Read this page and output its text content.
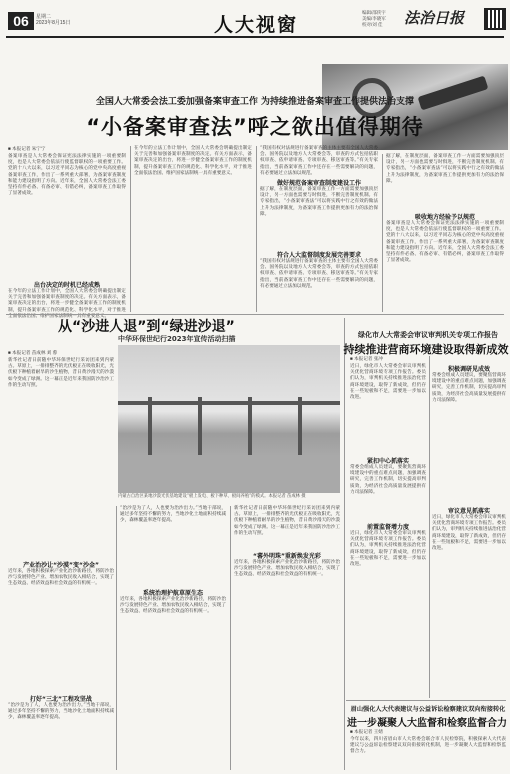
06	星期二
2023年8月15日	人大视窗
编辑/邵侠宇
美编/李晓军
校对/刘 佳 法治日报
全国人大常委会法工委加强备案审查工作 为持续推进备案审查工作提供法治支撑
“小备案审查法”呼之欲出值得期待
■ 本报记者 朱宁宁
备案审查是人大常委会保证宪法法律实施的一项重要制度，也是人大常委会依法行使监督职权的一项重要工作。党的十八大以来，以习近平同志为核心的党中央高度重视备案审查工作，作出了一系列重大部署，为备案审查制度和能力建设指明了方向。近年来，全国人大常委会法工委坚持有件必备、有备必审、有错必纠，备案审查工作取得了显著成效。
出台决定的时机已经成熟
在今年的立法工作计划中，全国人大常委会明确提出制定关于完善和加强备案审查制度的决定。有关方面表示，备案审查决定的出台，将进一步健全备案审查工作的制度机制，提升备案审查工作的规范化、科学化水平，对于推进全面依法治国、维护国家法制统一具有重要意义。
在今年的立法工作计划中，全国人大常委会明确提出制定关于完善和加强备案审查制度的决定。有关方面表示，备案审查决定的出台，将进一步健全备案审查工作的制度机制，提升备案审查工作的规范化、科学化水平，对于推进全面依法治国、维护国家法制统一具有重要意义。
“我国有权对法规进行备案审查的主体主要有全国人大常委会、国务院以及地方人大常委会等，审查的方式包括依职权审查、依申请审查、专项审查、移送审查等。”有关专家指出，当前备案审查工作中还存在一些需要解决的问题，有必要通过立法加以规范。
做好规范备案审查制度建设工作
据了解，在制度层面，备案审查工作一方面需要加强顶层设计，另一方面也需要与时俱进，不断完善制度机制。有专家指出，“小备案审查法”可以将实践中行之有效的做法上升为法律制度，为备案审查工作提供更加有力的法治保障。
符合人大监督制度发展完善要求
“我国有权对法规进行备案审查的主体主要有全国人大常委会、国务院以及地方人大常委会等，审查的方式包括依职权审查、依申请审查、专项审查、移送审查等。”有关专家指出，当前备案审查工作中还存在一些需要解决的问题，有必要通过立法加以规范。
据了解，在制度层面，备案审查工作一方面需要加强顶层设计，另一方面也需要与时俱进，不断完善制度机制。有专家指出，“小备案审查法”可以将实践中行之有效的做法上升为法律制度，为备案审查工作提供更加有力的法治保障。
吸收地方经验予以规范
备案审查是人大常委会保证宪法法律实施的一项重要制度，也是人大常委会依法行使监督职权的一项重要工作。党的十八大以来，以习近平同志为核心的党中央高度重视备案审查工作，作出了一系列重大部署，为备案审查制度和能力建设指明了方向。近年来，全国人大常委会法工委坚持有件必备、有备必审、有错必纠，备案审查工作取得了显著成效。
从“沙进人退”到“绿进沙退”
中华环保世纪行2023年宣传活动扫描
■ 本报记者 苗成林 刘 蓉
新华社记者日前随中华环保世纪行采访团来到内蒙古。草原上，一排排整齐的光伏板正在吸收阳光，光伏板下种植着耐旱的沙生植物，昔日黄沙漫天的沙漠如今变成了绿洲。这一幕正是近年来我国防沙治沙工作的生动写照。
产业治沙让“沙漠”变“沙金”
近年来，各地积极探索产业化治沙新路径，将防沙治沙与发展特色产业、增加农牧民收入相结合，实现了生态效益、经济效益和社会效益的有机统一。
打好“三北”工程攻坚战
“治沙是为了人，人也要为治沙出力。”当地干部说，通过多年坚持不懈的努力，当地沙化土地面积持续减少，森林覆盖率逐年提高。
内蒙古自治区某地沙漠光伏基地建设“板上发电、板下种草、板间养殖”的模式。本报记者 苗成林 摄
“治沙是为了人，人也要为治沙出力。”当地干部说，通过多年坚持不懈的努力，当地沙化土地面积持续减少，森林覆盖率逐年提高。
系统治理护航草原生态
近年来，各地积极探索产业化治沙新路径，将防沙治沙与发展特色产业、增加农牧民收入相结合，实现了生态效益、经济效益和社会效益的有机统一。
新华社记者日前随中华环保世纪行采访团来到内蒙古。草原上，一排排整齐的光伏板正在吸收阳光，光伏板下种植着耐旱的沙生植物，昔日黄沙漫天的沙漠如今变成了绿洲。这一幕正是近年来我国防沙治沙工作的生动写照。
“蕃外明珠”重新焕发光彩
近年来，各地积极探索产业化治沙新路径，将防沙治沙与发展特色产业、增加农牧民收入相结合，实现了生态效益、经济效益和社会效益的有机统一。
绿化市人大常委会审议审判机关专项工作报告
持续推进营商环境建设取得新成效
■ 本报记者 张冲
近日，绿化市人大常委会审议审判机关优化营商环境专项工作报告。委员们认为，审判机关持续推进法治化营商环境建设，取得了新成效，但仍存在一些短板和不足，需要进一步加以改进。
紧扣中心抓落实
常委会组成人员建议，要聚焦营商环境建设中的重点难点问题，加强调查研究，完善工作机制，切实提高审判质效，为经济社会高质量发展提供有力司法保障。
前置监督增力度
近日，绿化市人大常委会审议审判机关优化营商环境专项工作报告。委员们认为，审判机关持续推进法治化营商环境建设，取得了新成效，但仍存在一些短板和不足，需要进一步加以改进。
积极调研见成效
常委会组成人员建议，要聚焦营商环境建设中的重点难点问题，加强调查研究，完善工作机制，切实提高审判质效，为经济社会高质量发展提供有力司法保障。
审议意见抓落实
近日，绿化市人大常委会审议审判机关优化营商环境专项工作报告。委员们认为，审判机关持续推进法治化营商环境建设，取得了新成效，但仍存在一些短板和不足，需要进一步加以改进。
眉山强化人大代表建议与公益诉讼检察建议双向衔接转化
进一步凝聚人大监督和检察监督合力
■ 本报记者 王婧
今年以来，四川省眉山市人大常委会联合市人民检察院，积极探索人大代表建议与公益诉讼检察建议双向衔接转化机制，进一步凝聚人大监督和检察监督合力。
